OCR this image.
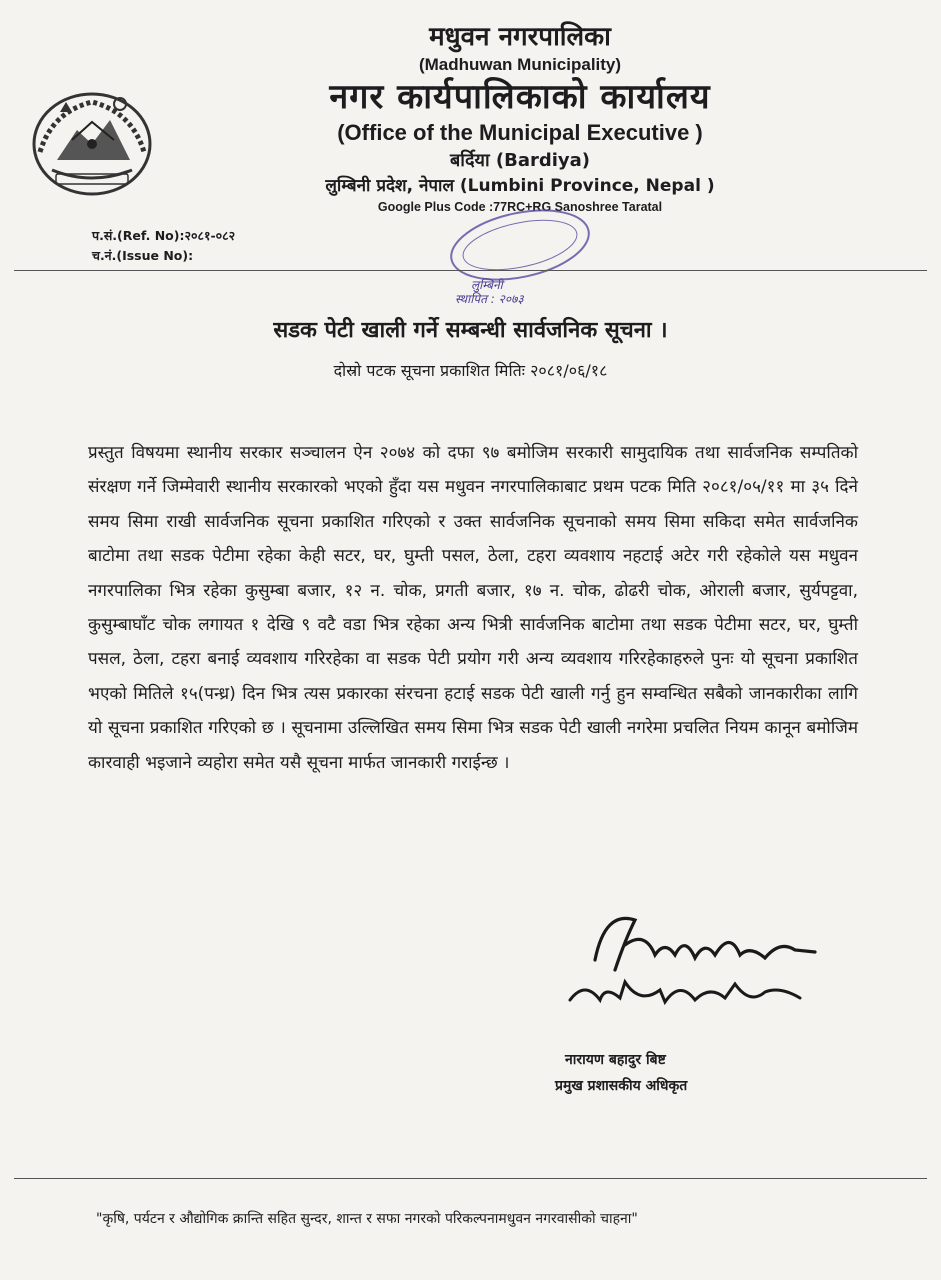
मधुवन नगरपालिका
(Madhuwan Municipality)
नगर कार्यपालिकाको कार्यालय
(Office of the Municipal Executive )
बर्दिया (Bardiya)
लुम्बिनी प्रदेश, नेपाल (Lumbini Province, Nepal )
Google Plus Code :77RC+RG Sanoshree Taratal
प.सं.(Ref. No):२०८१-०८२
च.नं.(Issue No):
लुम्बिनी
स्थापित : २०७३
सडक पेटी खाली गर्ने सम्बन्धी सार्वजनिक सूचना ।
दोस्रो पटक सूचना प्रकाशित मितिः २०८१/०६/१८
प्रस्तुत विषयमा स्थानीय सरकार सञ्चालन ऐन २०७४ को दफा ९७ बमोजिम सरकारी सामुदायिक तथा सार्वजनिक सम्पतिको संरक्षण गर्ने जिम्मेवारी स्थानीय सरकारको भएको हुँदा यस मधुवन नगरपालिकाबाट प्रथम पटक मिति २०८१/०५/११ मा ३५ दिने समय सिमा राखी सार्वजनिक सूचना प्रकाशित गरिएको र उक्त सार्वजनिक सूचनाको समय सिमा सकिदा समेत सार्वजनिक बाटोमा तथा सडक पेटीमा रहेका केही सटर, घर, घुम्ती पसल, ठेला, टहरा व्यवशाय नहटाई अटेर गरी रहेकोले यस मधुवन नगरपालिका भित्र रहेका कुसुम्बा बजार, १२ न. चोक, प्रगती बजार, १७ न. चोक, ढोढरी चोक, ओराली बजार, सुर्यपट्टवा, कुसुम्बाघाँट चोक लगायत १ देखि ९ वटै वडा भित्र रहेका अन्य भित्री सार्वजनिक बाटोमा तथा सडक पेटीमा सटर, घर, घुम्ती पसल, ठेला, टहरा बनाई व्यवशाय गरिरहेका वा सडक पेटी प्रयोग गरी अन्य व्यवशाय गरिरहेकाहरुले पुनः यो सूचना प्रकाशित भएको मितिले १५(पन्ध्र) दिन भित्र त्यस प्रकारका संरचना हटाई सडक पेटी खाली गर्नु हुन सम्वन्धित सबैको जानकारीका लागि यो सूचना प्रकाशित गरिएको छ । सूचनामा उल्लिखित समय सिमा भित्र सडक पेटी खाली नगरेमा प्रचलित नियम कानून बमोजिम कारवाही भइजाने व्यहोरा समेत यसै सूचना मार्फत जानकारी गराईन्छ ।
नारायण बहादुर बिष्ट
प्रमुख प्रशासकीय अधिकृत
"कृषि, पर्यटन र औद्योगिक क्रान्ति सहित सुन्दर, शान्त र सफा नगरको परिकल्पनामधुवन नगरवासीको चाहना"
